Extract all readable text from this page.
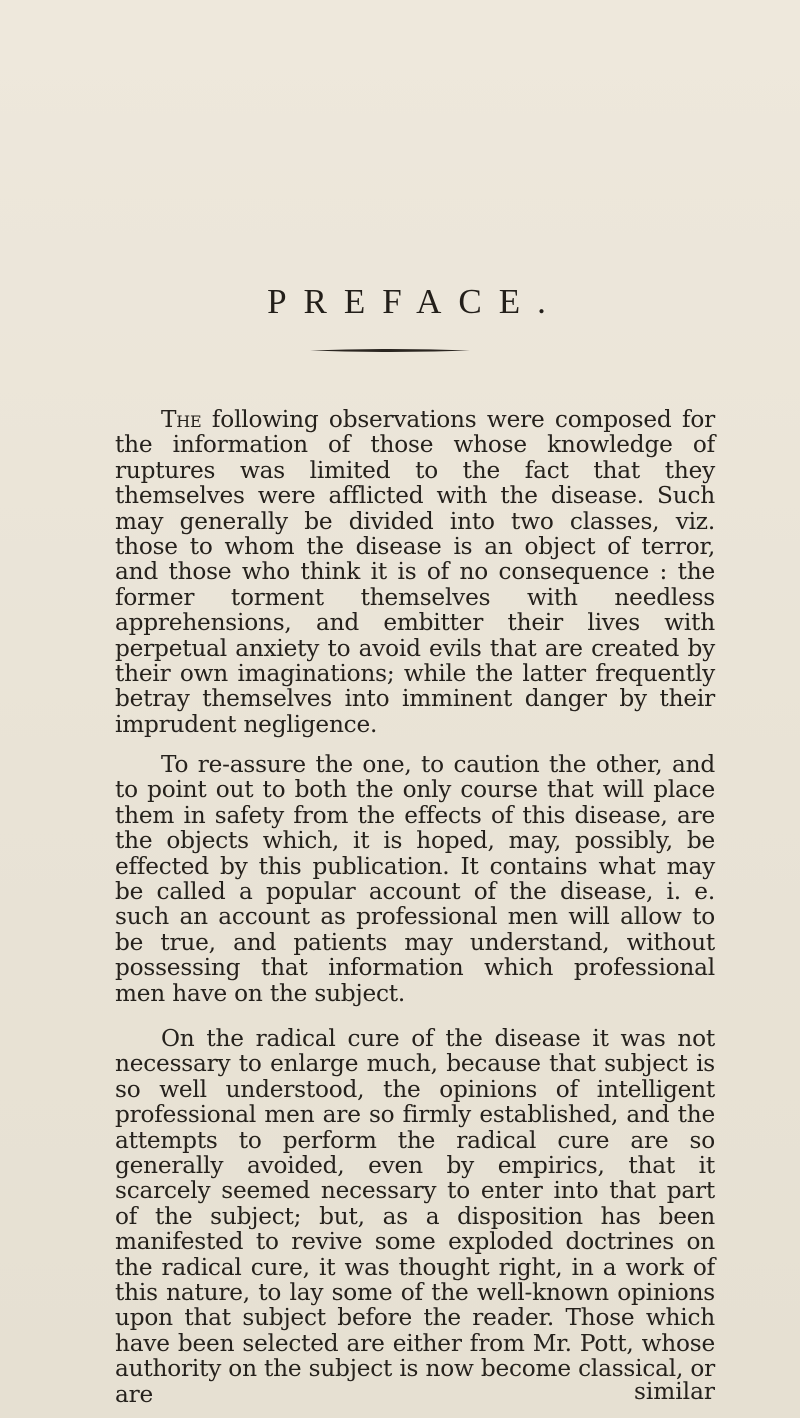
PREFACE.
The following observations were composed for the information of those whose knowledge of ruptures was limited to the fact that they themselves were afflicted with the disease. Such may generally be divided into two classes, viz. those to whom the disease is an object of terror, and those who think it is of no consequence : the former torment themselves with needless apprehensions, and embitter their lives with perpetual anxiety to avoid evils that are created by their own imaginations; while the latter frequently betray themselves into imminent danger by their imprudent negligence.
To re-assure the one, to caution the other, and to point out to both the only course that will place them in safety from the effects of this disease, are the objects which, it is hoped, may, possibly, be effected by this publication. It contains what may be called a popular account of the disease, i. e. such an account as professional men will allow to be true, and patients may understand, without possessing that information which professional men have on the subject.
On the radical cure of the disease it was not necessary to enlarge much, because that subject is so well understood, the opinions of intelligent professional men are so firmly established, and the attempts to perform the radical cure are so generally avoided, even by empirics, that it scarcely seemed necessary to enter into that part of the subject; but, as a disposition has been manifested to revive some exploded doctrines on the radical cure, it was thought right, in a work of this nature, to lay some of the well-known opinions upon that subject before the reader. Those which have been selected are either from Mr. Pott, whose authority on the subject is now become classical, or are	similar
